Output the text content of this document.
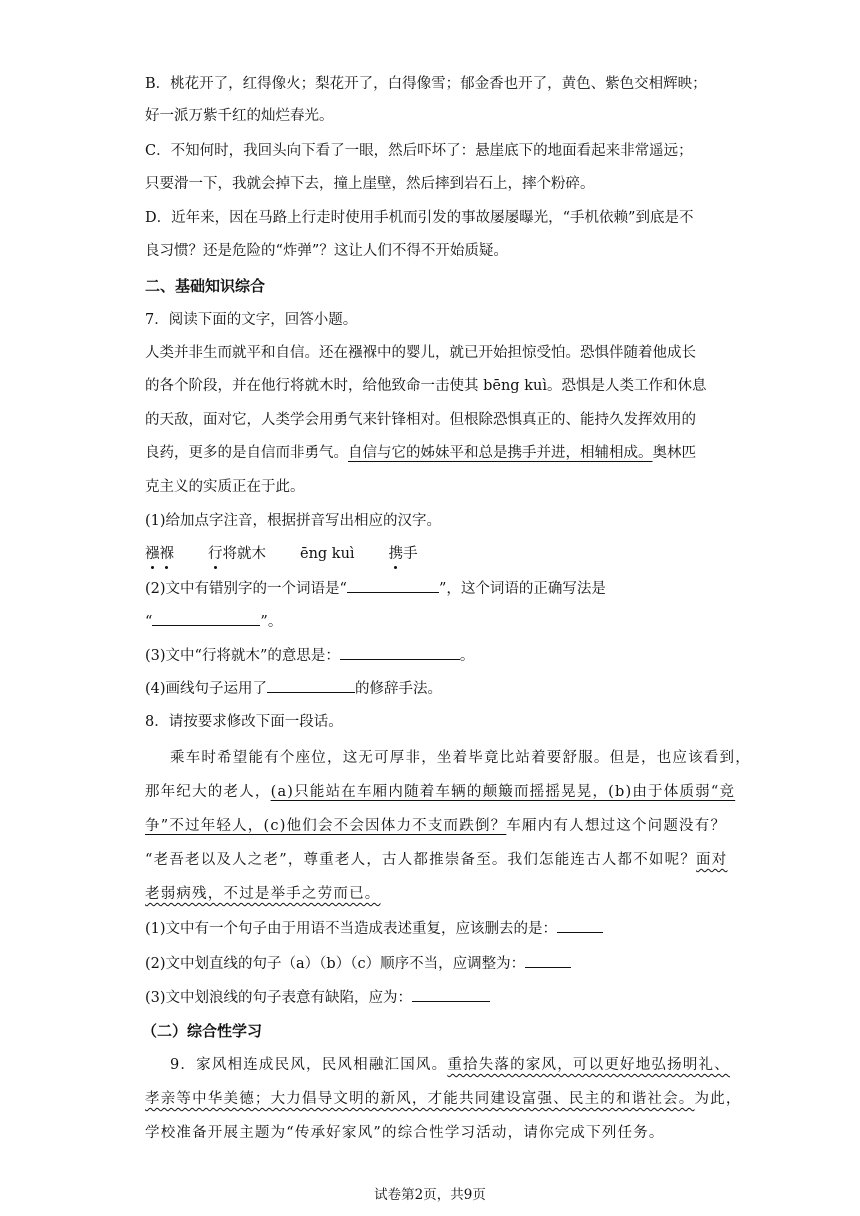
B．桃花开了，红得像火；梨花开了，白得像雪；郁金香也开了，黄色、紫色交相辉映；
好一派万紫千红的灿烂春光。
C．不知何时，我回头向下看了一眼，然后吓坏了：悬崖底下的地面看起来非常遥远；
只要滑一下，我就会掉下去，撞上崖壁，然后摔到岩石上，摔个粉碎。
D．近年来，因在马路上行走时使用手机而引发的事故屡屡曝光，“手机依赖”到底是不
良习惯？还是危险的“炸弹”？这让人们不得不开始质疑。
二、基础知识综合
7．阅读下面的文字，回答小题。
人类并非生而就平和自信。还在襁褓中的婴儿，就已开始担惊受怕。恐惧伴随着他成长
的各个阶段，并在他行将就木时，给他致命一击使其 bēng kuì。恐惧是人类工作和休息
的天敌，面对它，人类学会用勇气来针锋相对。但根除恐惧真正的、能持久发挥效用的
良药，更多的是自信而非勇气。自信与它的姊妹平和总是携手并进，相辅相成。奥林匹
克主义的实质正在于此。
(1)给加点字注音，根据拼音写出相应的汉字。
襁褓 行将就木 ēng kuì 携手
(2)文中有错别字的一个词语是“	”，这个词语的正确写法是
“	”。
(3)文中“行将就木”的意思是：	。
(4)画线句子运用了	的修辞手法。
8．请按要求修改下面一段话。
乘车时希望能有个座位，这无可厚非，坐着毕竟比站着要舒服。但是，也应该看到，
那年纪大的老人，(a)只能站在车厢内随着车辆的颠簸而摇摇晃晃，(b)由于体质弱“竞
争”不过年轻人，(c)他们会不会因体力不支而跌倒？车厢内有人想过这个问题没有？
“老吾老以及人之老”，尊重老人，古人都推崇备至。我们怎能连古人都不如呢？面对
老弱病残，不过是举手之劳而已。
(1)文中有一个句子由于用语不当造成表述重复，应该删去的是：
(2)文中划直线的句子（a）（b）（c）顺序不当，应调整为：
(3)文中划浪线的句子表意有缺陷，应为：
（二）综合性学习
9．家风相连成民风，民风相融汇国风。重拾失落的家风，可以更好地弘扬明礼、
孝亲等中华美德；大力倡导文明的新风，才能共同建设富强、民主的和谐社会。为此，
学校准备开展主题为“传承好家风”的综合性学习活动，请你完成下列任务。
试卷第2页，共9页
